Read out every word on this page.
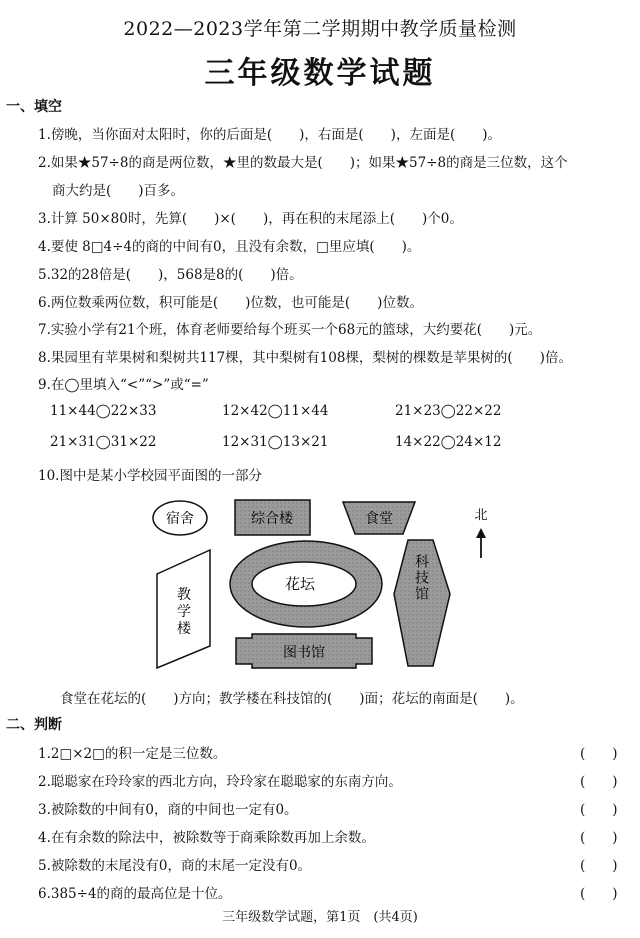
2022—2023学年第二学期期中教学质量检测
三年级数学试题
一、填空
1.傍晚，当你面对太阳时，你的后面是(　　)，右面是(　　)，左面是(　　)。
2.如果★57÷8的商是两位数，★里的数最大是(　　)；如果★57÷8的商是三位数，这个
商大约是(　　)百多。
3.计算 50×80时，先算(　　)×(　　)，再在积的末尾添上(　　)个0。
4.要使 8□4÷4的商的中间有0，且没有余数，□里应填(　　)。
5.32的28倍是(　　)，568是8的(　　)倍。
6.两位数乘两位数，积可能是(　　)位数，也可能是(　　)位数。
7.实验小学有21个班，体育老师要给每个班买一个68元的篮球，大约要花(　　)元。
8.果园里有苹果树和梨树共117棵，其中梨树有108棵，梨树的棵数是苹果树的(　　)倍。
9.在◯里填入“<”“>”或“=”
11×44◯22×33	12×42◯11×44	21×23◯22×22
21×31◯31×22	12×31◯13×21	14×22◯24×12
10.图中是某小学校园平面图的一部分
宿舍	综合楼	食堂	北
教学楼
花坛	科技馆
图书馆
食堂在花坛的(　　)方向；教学楼在科技馆的(　　)面；花坛的南面是(　　)。
二、判断
1.2□×2□的积一定是三位数。	(　　)
2.聪聪家在玲玲家的西北方向，玲玲家在聪聪家的东南方向。	(　　)
3.被除数的中间有0，商的中间也一定有0。	(　　)
4.在有余数的除法中，被除数等于商乘除数再加上余数。	(　　)
5.被除数的末尾没有0，商的末尾一定没有0。	(　　)
6.385÷4的商的最高位是十位。	(　　)
三年级数学试题，第1页　(共4页)
